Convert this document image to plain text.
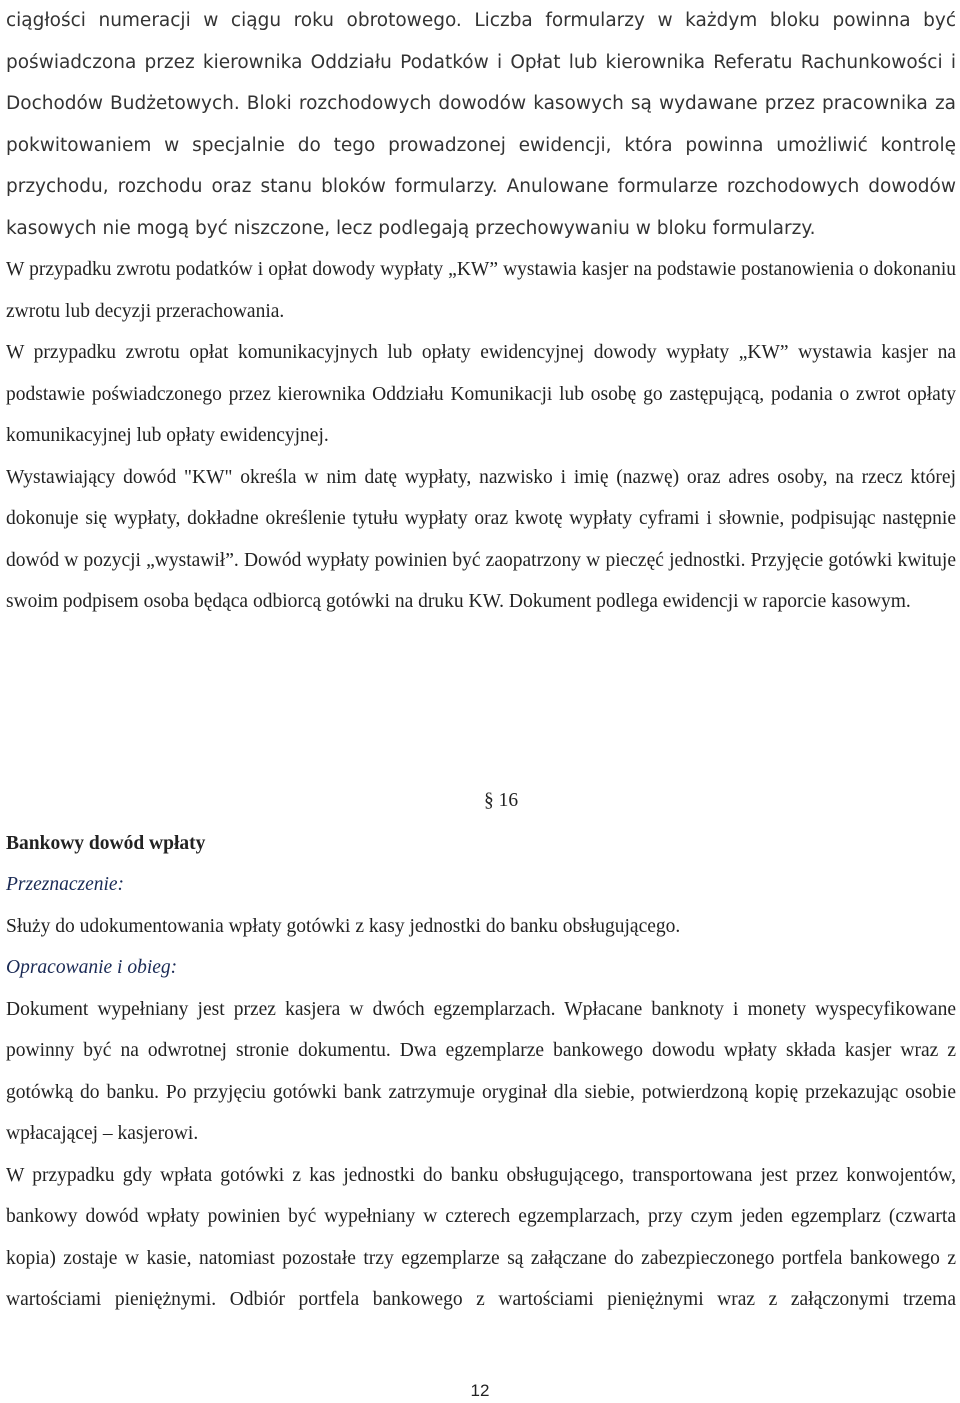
ciągłości numeracji w ciągu roku obrotowego. Liczba formularzy w każdym bloku powinna być poświadczona przez kierownika Oddziału Podatków i Opłat lub kierownika Referatu Rachunkowości i Dochodów Budżetowych. Bloki rozchodowych dowodów kasowych są wydawane przez pracownika za pokwitowaniem w specjalnie do tego prowadzonej ewidencji, która powinna umożliwić kontrolę przychodu, rozchodu oraz stanu bloków formularzy. Anulowane formularze rozchodowych dowodów kasowych nie mogą być niszczone, lecz podlegają przechowywaniu w bloku formularzy.

W przypadku zwrotu podatków i opłat dowody wypłaty „KW” wystawia kasjer na podstawie postanowienia o dokonaniu zwrotu lub decyzji przerachowania.

W przypadku zwrotu opłat komunikacyjnych lub opłaty ewidencyjnej dowody wypłaty „KW” wystawia kasjer na podstawie poświadczonego przez kierownika Oddziału Komunikacji lub osobę go zastępującą, podania o zwrot opłaty komunikacyjnej lub opłaty ewidencyjnej.

Wystawiający dowód "KW" określa w nim datę wypłaty, nazwisko i imię (nazwę) oraz adres osoby, na rzecz której dokonuje się wypłaty, dokładne określenie tytułu wypłaty oraz kwotę wypłaty cyframi i słownie, podpisując następnie dowód w pozycji „wystawił”. Dowód wypłaty powinien być zaopatrzony w pieczęć jednostki. Przyjęcie gotówki kwituje swoim podpisem osoba będąca odbiorcą gotówki na druku KW. Dokument podlega ewidencji w raporcie kasowym.

§ 16

Bankowy dowód wpłaty

Przeznaczenie:

Służy do udokumentowania wpłaty gotówki z kasy jednostki do banku obsługującego.

Opracowanie i obieg:

Dokument wypełniany jest przez kasjera w dwóch egzemplarzach. Wpłacane banknoty i monety wyspecyfikowane powinny być na odwrotnej stronie dokumentu. Dwa egzemplarze bankowego dowodu wpłaty składa kasjer wraz z gotówką do banku. Po przyjęciu gotówki bank zatrzymuje oryginał dla siebie, potwierdzoną kopię przekazując osobie wpłacającej – kasjerowi.

W przypadku gdy wpłata gotówki z kas jednostki do banku obsługującego, transportowana jest przez konwojentów, bankowy dowód wpłaty powinien być wypełniany w czterech egzemplarzach, przy czym jeden egzemplarz (czwarta kopia) zostaje w kasie, natomiast pozostałe trzy egzemplarze są załączane do zabezpieczonego portfela bankowego z wartościami pieniężnymi. Odbiór portfela bankowego z wartościami pieniężnymi wraz z załączonymi trzema

12
